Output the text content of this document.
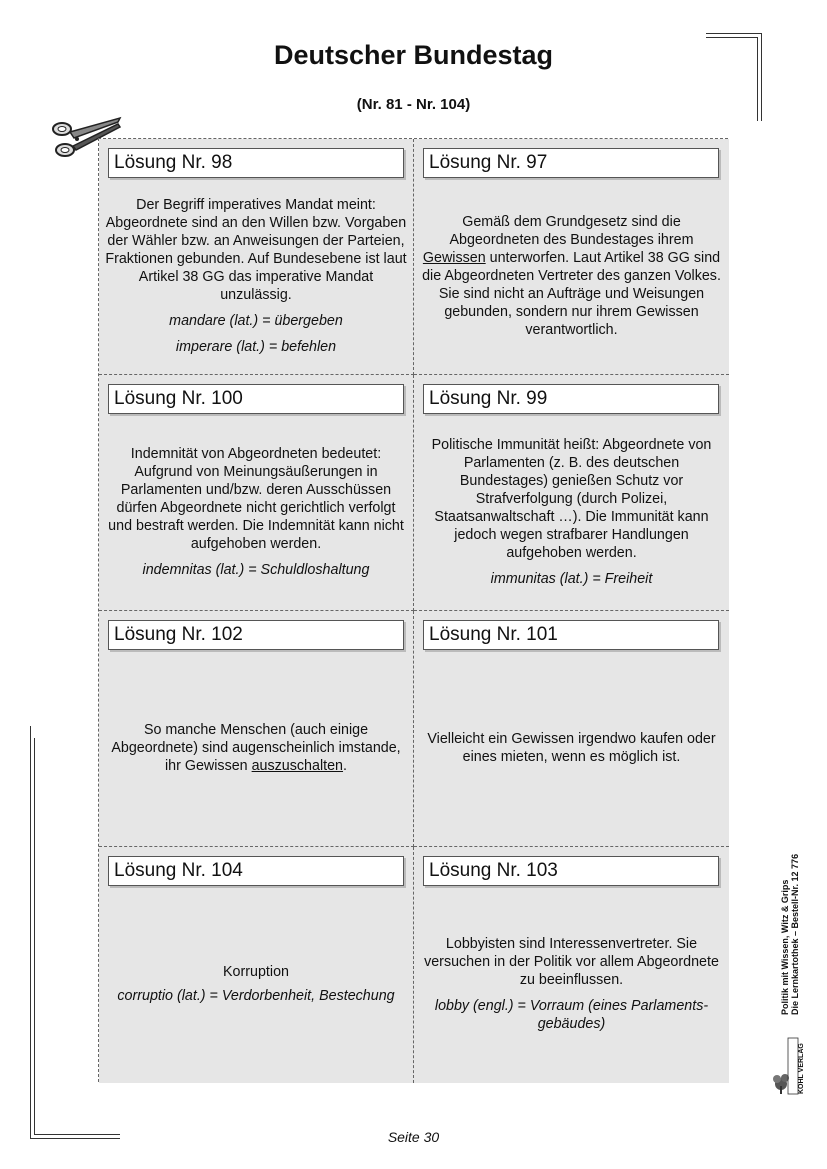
Deutscher Bundestag
(Nr. 81 - Nr. 104)
Lösung Nr. 98

Der Begriff imperatives Mandat meint: Abgeordnete sind an den Willen bzw. Vorgaben der Wähler bzw. an Anweisungen der Parteien, Fraktionen gebunden. Auf Bundesebene ist laut Artikel 38 GG das imperative Mandat unzulässig.

mandare (lat.) = übergeben

imperare (lat.) = befehlen

Lösung Nr. 97

Gemäß dem Grundgesetz sind die Abgeordneten des Bundestages ihrem Gewissen unterworfen. Laut Artikel 38 GG sind die Abgeordneten Vertreter des ganzen Volkes. Sie sind nicht an Aufträge und Weisungen gebunden, sondern nur ihrem Gewissen verantwortlich.

Lösung Nr. 100

Indemnität von Abgeordneten bedeutet: Aufgrund von Meinungsäußerungen in Parlamenten und/bzw. deren Ausschüssen dürfen Abgeordnete nicht gerichtlich verfolgt und bestraft werden. Die Indemnität kann nicht aufgehoben werden.

indemnitas (lat.) = Schuldloshaltung

Lösung Nr. 99

Politische Immunität heißt: Abgeordnete von Parlamenten (z. B. des deutschen Bundestages) genießen Schutz vor Strafverfolgung (durch Polizei, Staatsanwaltschaft …). Die Immunität kann jedoch wegen strafbarer Handlungen aufgehoben werden.

immunitas (lat.) = Freiheit

Lösung Nr. 102

So manche Menschen (auch einige Abgeordnete) sind augenscheinlich imstande, ihr Gewissen auszuschalten.

Lösung Nr. 101

Vielleicht ein Gewissen irgendwo kaufen oder eines mieten, wenn es möglich ist.

Lösung Nr. 104

Korruption

corruptio (lat.) = Verdorbenheit, Bestechung

Lösung Nr. 103

Lobbyisten sind Interessenvertreter. Sie versuchen in der Politik vor allem Abgeordnete zu beeinflussen.

lobby (engl.) = Vorraum (eines Parlaments-gebäudes)

Politik mit Wissen, Witz & Grips Die Lernkartothek – Bestell-Nr. 12 776
KOHL VERLAG
Seite 30
